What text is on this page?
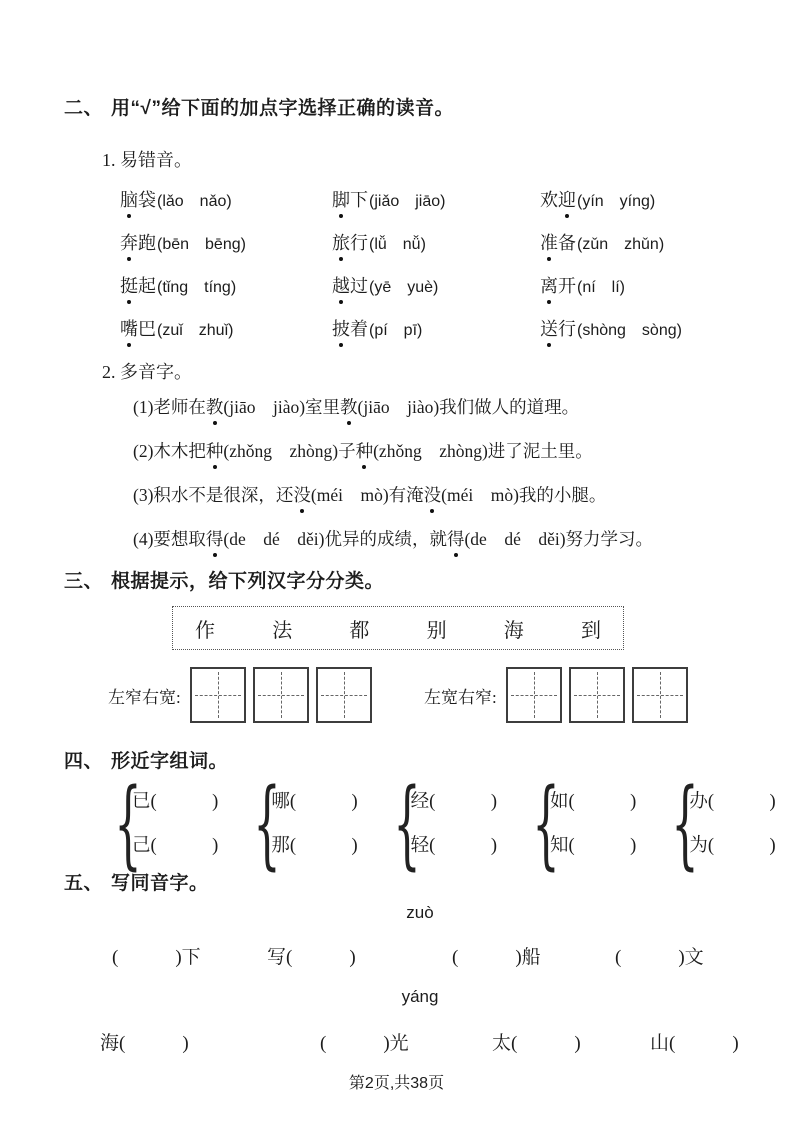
二、 用“√”给下面的加点字选择正确的读音。
1. 易错音。
脑袋(lǎo　nǎo)	脚下(jiǎo　jiāo)	欢迎(yín　yíng)
奔跑(bēn　bēng)	旅行(lǚ　nǚ)	准备(zǔn　zhǔn)
挺起(tǐng　tíng)	越过(yē　yuè)	离开(ní　lí)
嘴巴(zuǐ　zhuǐ)	披着(pí　pī)	送行(shòng　sòng)
2. 多音字。

(1)老师在教(jiāo　jiào)室里教(jiāo　jiào)我们做人的道理。

(2)木木把种(zhǒng　zhòng)子种(zhǒng　zhòng)进了泥土里。

(3)积水不是很深，还没(méi　mò)有淹没(méi　mò)我的小腿。

(4)要想取得(de　dé　děi)优异的成绩，就得(de　dé　děi)努力学习。

三、 根据提示，给下列汉字分分类。
作	法	都	别	海	到
左窄右宽:	左宽右窄:
四、 形近字组词。
{
已(　　　)
己(　　　) {
哪(　　　)
那(　　　) {
经(　　　)
轻(　　　) {
如(　　　)
知(　　　) {
办(　　　)
为(　　　)
五、 写同音字。
zuò
(　　　)下	写(　　　)	(　　　)船	(　　　)文
yáng
海(　　　)	(　　　)光	太(　　　)	山(　　　)
第2页,共38页
